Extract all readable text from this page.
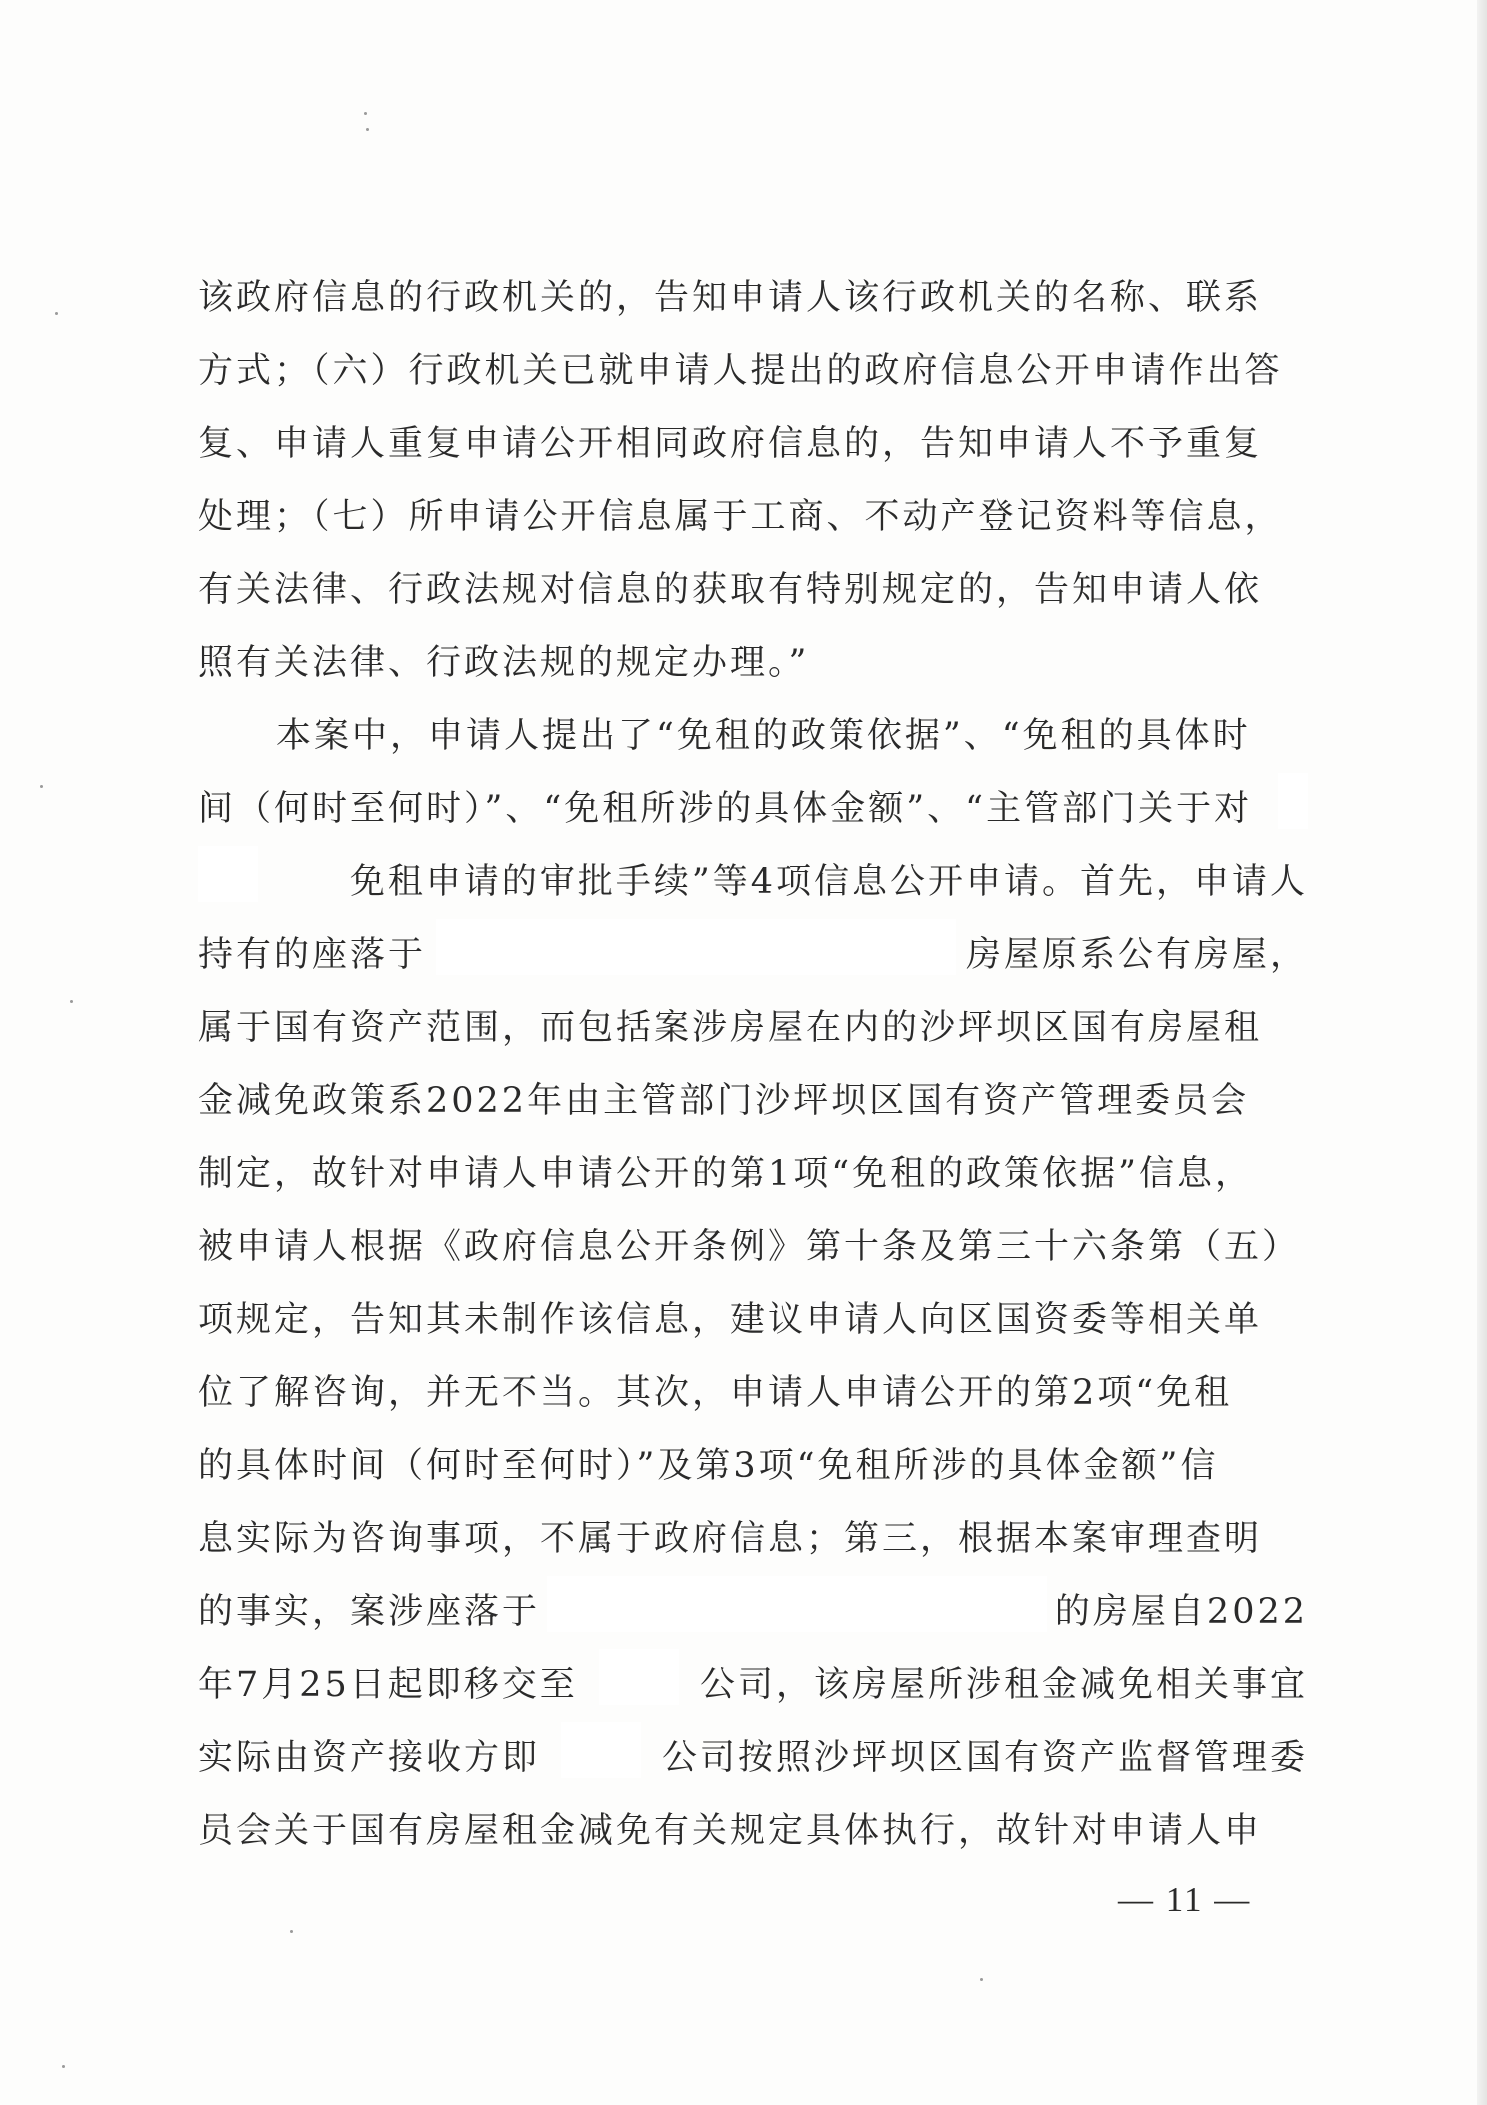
该政府信息的行政机关的，告知申请人该行政机关的名称、联系
方式；（六）行政机关已就申请人提出的政府信息公开申请作出答
复、申请人重复申请公开相同政府信息的，告知申请人不予重复
处理；（七）所申请公开信息属于工商、不动产登记资料等信息，
有关法律、行政法规对信息的获取有特别规定的，告知申请人依
照有关法律、行政法规的规定办理。”
本案中，申请人提出了“免租的政策依据”、“免租的具体时
间（何时至何时）”、“免租所涉的具体金额”、“主管部门关于对
免租申请的审批手续”等4项信息公开申请。首先，申请人
持有的座落于	房屋原系公有房屋，
属于国有资产范围，而包括案涉房屋在内的沙坪坝区国有房屋租
金减免政策系2022年由主管部门沙坪坝区国有资产管理委员会
制定，故针对申请人申请公开的第1项“免租的政策依据”信息，
被申请人根据《政府信息公开条例》第十条及第三十六条第（五）
项规定，告知其未制作该信息，建议申请人向区国资委等相关单
位了解咨询，并无不当。其次，申请人申请公开的第2项“免租
的具体时间（何时至何时）”及第3项“免租所涉的具体金额”信
息实际为咨询事项，不属于政府信息；第三，根据本案审理查明
的事实，案涉座落于	的房屋自2022
年7月25日起即移交至	公司，该房屋所涉租金减免相关事宜
实际由资产接收方即	公司按照沙坪坝区国有资产监督管理委
员会关于国有房屋租金减免有关规定具体执行，故针对申请人申
— 11 —
